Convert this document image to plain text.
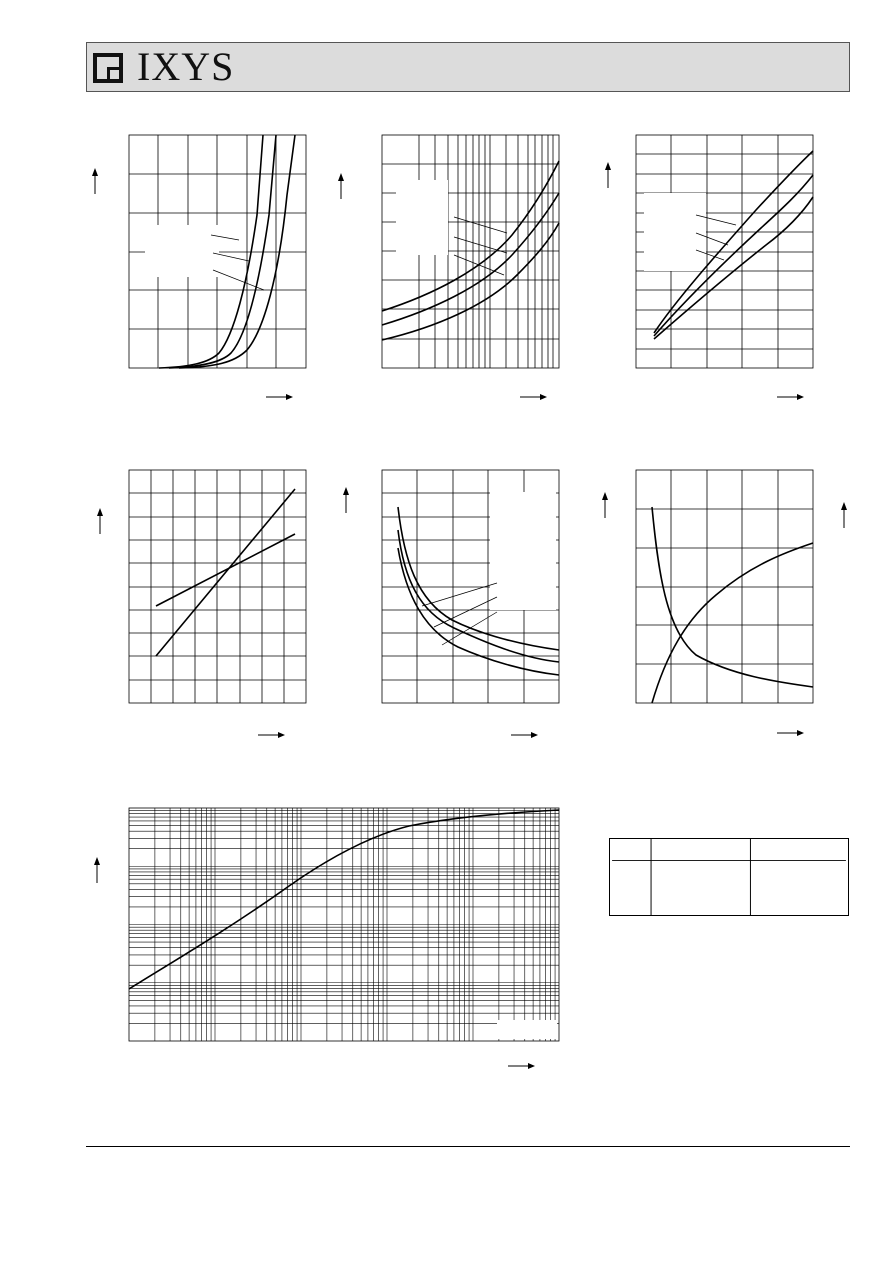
IXYS
